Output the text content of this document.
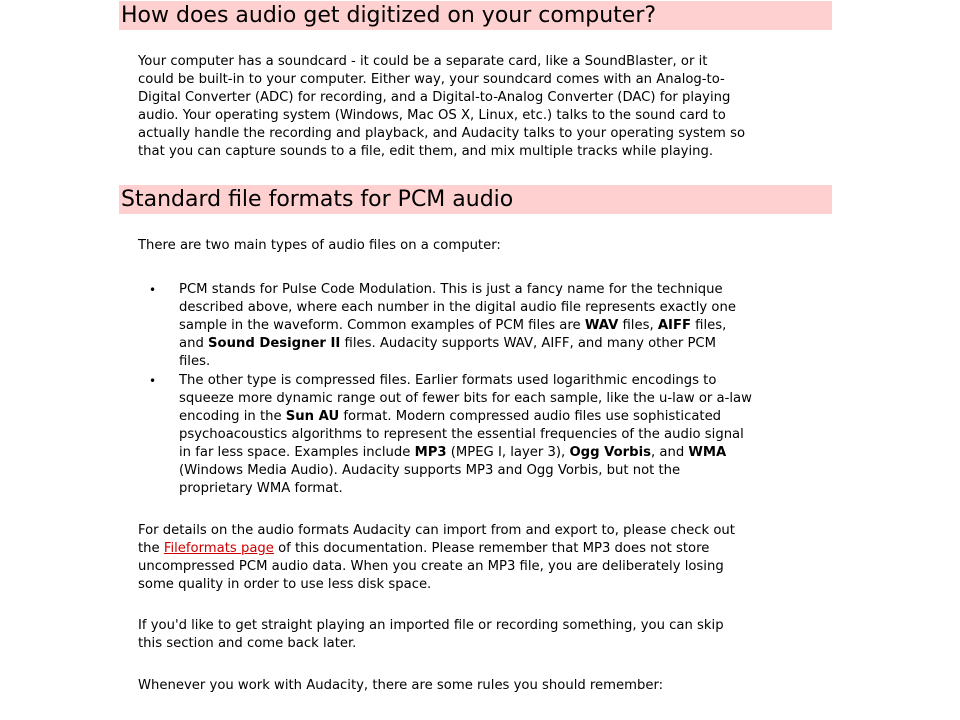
How does audio get digitized on your computer?

Your computer has a soundcard - it could be a separate card, like a SoundBlaster, or it
could be built-in to your computer. Either way, your soundcard comes with an Analog-to-
Digital Converter (ADC) for recording, and a Digital-to-Analog Converter (DAC) for playing
audio. Your operating system (Windows, Mac OS X, Linux, etc.) talks to the sound card to
actually handle the recording and playback, and Audacity talks to your operating system so
that you can capture sounds to a file, edit them, and mix multiple tracks while playing.

Standard file formats for PCM audio

There are two main types of audio files on a computer:

• PCM stands for Pulse Code Modulation. This is just a fancy name for the technique
described above, where each number in the digital audio file represents exactly one
sample in the waveform. Common examples of PCM files are WAV files, AIFF files,
and Sound Designer II files. Audacity supports WAV, AIFF, and many other PCM
files.

• The other type is compressed files. Earlier formats used logarithmic encodings to
squeeze more dynamic range out of fewer bits for each sample, like the u-law or a-law
encoding in the Sun AU format. Modern compressed audio files use sophisticated
psychoacoustics algorithms to represent the essential frequencies of the audio signal
in far less space. Examples include MP3 (MPEG I, layer 3), Ogg Vorbis, and WMA
(Windows Media Audio). Audacity supports MP3 and Ogg Vorbis, but not the
proprietary WMA format.

For details on the audio formats Audacity can import from and export to, please check out
the Fileformats page of this documentation. Please remember that MP3 does not store
uncompressed PCM audio data. When you create an MP3 file, you are deliberately losing
some quality in order to use less disk space.

If you'd like to get straight playing an imported file or recording something, you can skip
this section and come back later.

Whenever you work with Audacity, there are some rules you should remember:
